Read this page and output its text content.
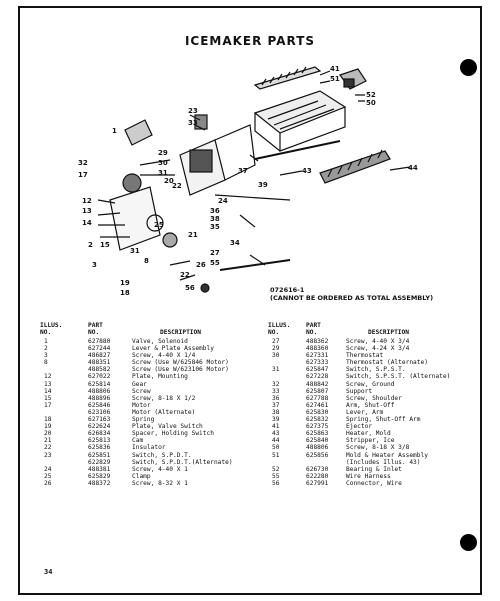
ICEMAKER PARTS
41
51
52
50
23
33
29
30
31
20
32
17
22
37
24
43	44
39
12
13
14
2 15
3
36
38
35
21
25
34
31	27
55
8	26
19
18
22
56
1
072616-1
(CANNOT BE ORDERED AS TOTAL ASSEMBLY)
ILLUS.
NO.
PART
NO.	DESCRIPTION
1	627880	Valve, Solenoid
2	627244	Lever & Plate Assembly
3	486827	Screw, 4-40 X 1/4
8	488351	Screw (Use W/625846 Motor)
488582	Screw (Use W/623106 Motor)
12	627022	Plate, Mounting
13	625814	Gear
14	488806	Screw
15	488896	Screw, 8-18 X 1/2
17	625846	Motor
623106	Motor (Alternate)
18	627163	Spring
19	622624	Plate, Valve Switch
20	626834	Spacer, Holding Switch
21	625813	Cam
22	625836	Insulator
23	625851	Switch, S.P.D.T.
622829	Switch, S.P.D.T.(Alternate)
24	488381	Screw, 4-40 X 1
25	625829	Clamp
26	488372	Screw, 8-32 X 1
ILLUS.
NO.
PART
NO.	DESCRIPTION
27	488362	Screw, 4-40 X 3/4
29	488360	Screw, 4-24 X 3/4
30	627331	Thermostat
627333	Thermostat (Alternate)
31	625847	Switch, S.P.S.T.
627228	Switch, S.P.S.T. (Alternate)
32	488842	Screw, Ground
33	625807	Support
36	627788	Screw, Shoulder
37	627461	Arm, Shut-Off
38	625830	Lever, Arm
39	625832	Spring, Shut-Off Arm
41	627375	Ejector
43	625863	Heater, Mold
44	625840	Stripper, Ice
50	488806	Screw, 8-18 X 3/8
51	625856	Mold & Heater Assembly
(Includes Illus. 43)
52	626730	Bearing & Inlet
55	622280	Wire Harness
56	627991	Connector, Wire
34
